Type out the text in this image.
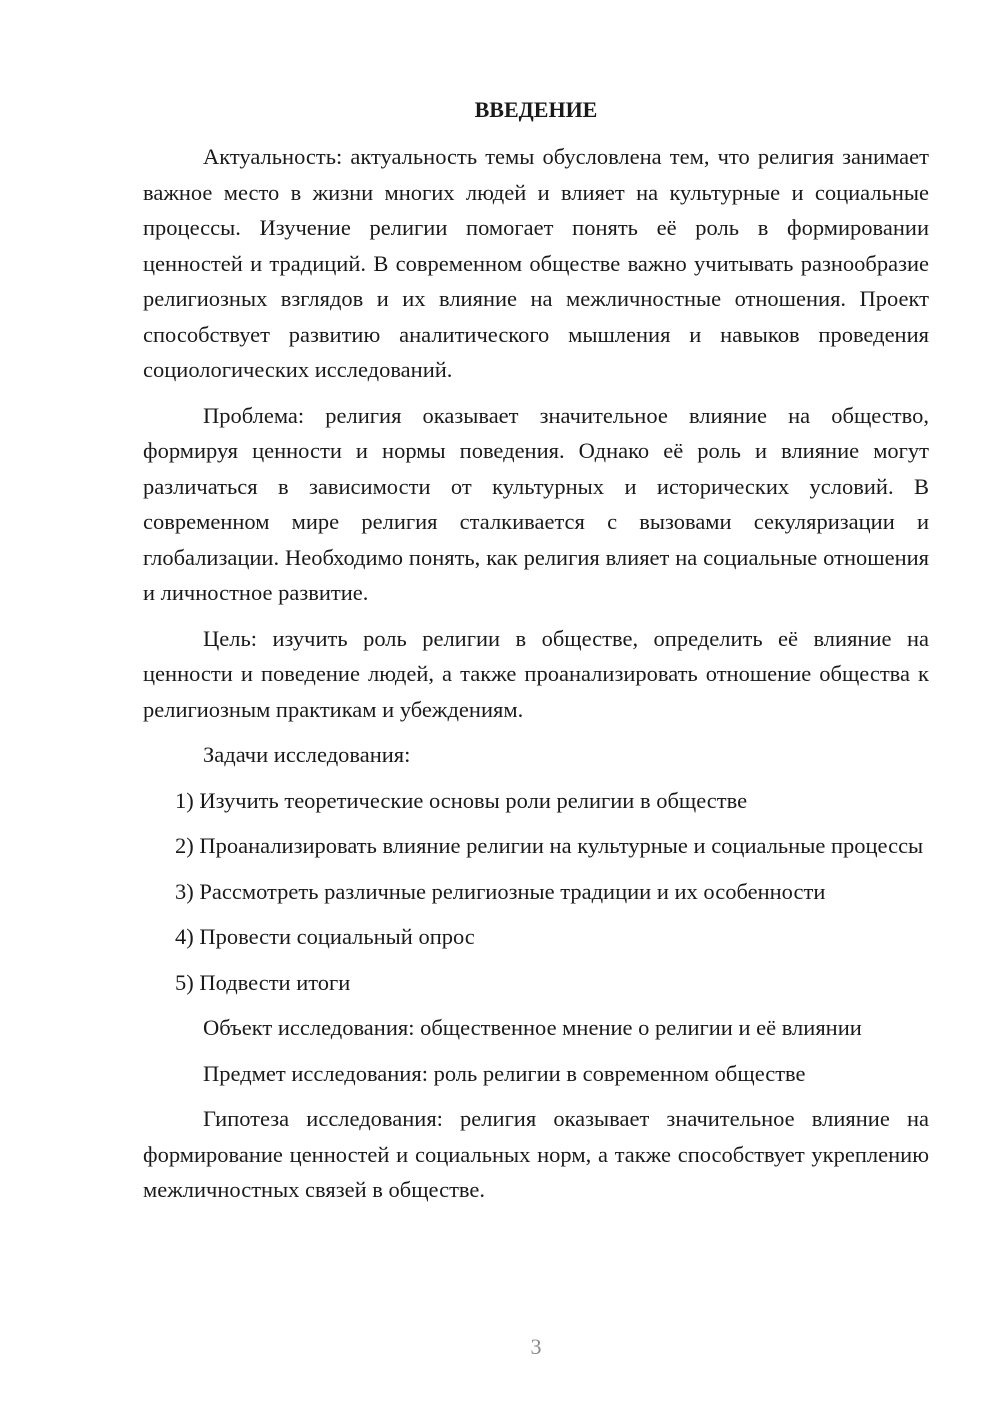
ВВЕДЕНИЕ

Актуальность: актуальность темы обусловлена тем, что религия занимает важное место в жизни многих людей и влияет на культурные и социальные процессы. Изучение религии помогает понять её роль в формировании ценностей и традиций. В современном обществе важно учитывать разнообразие религиозных взглядов и их влияние на межличностные отношения. Проект способствует развитию аналитического мышления и навыков проведения социологических исследований.

Проблема: религия оказывает значительное влияние на общество, формируя ценности и нормы поведения. Однако её роль и влияние могут различаться в зависимости от культурных и исторических условий. В современном мире религия сталкивается с вызовами секуляризации и глобализации. Необходимо понять, как религия влияет на социальные отношения и личностное развитие.

Цель: изучить роль религии в обществе, определить её влияние на ценности и поведение людей, а также проанализировать отношение общества к религиозным практикам и убеждениям.

Задачи исследования:

1) Изучить теоретические основы роли религии в обществе
2) Проанализировать влияние религии на культурные и социальные процессы
3) Рассмотреть различные религиозные традиции и их особенности
4) Провести социальный опрос
5) Подвести итоги

Объект исследования: общественное мнение о религии и её влиянии

Предмет исследования: роль религии в современном обществе

Гипотеза исследования: религия оказывает значительное влияние на формирование ценностей и социальных норм, а также способствует укреплению межличностных связей в обществе.

3
